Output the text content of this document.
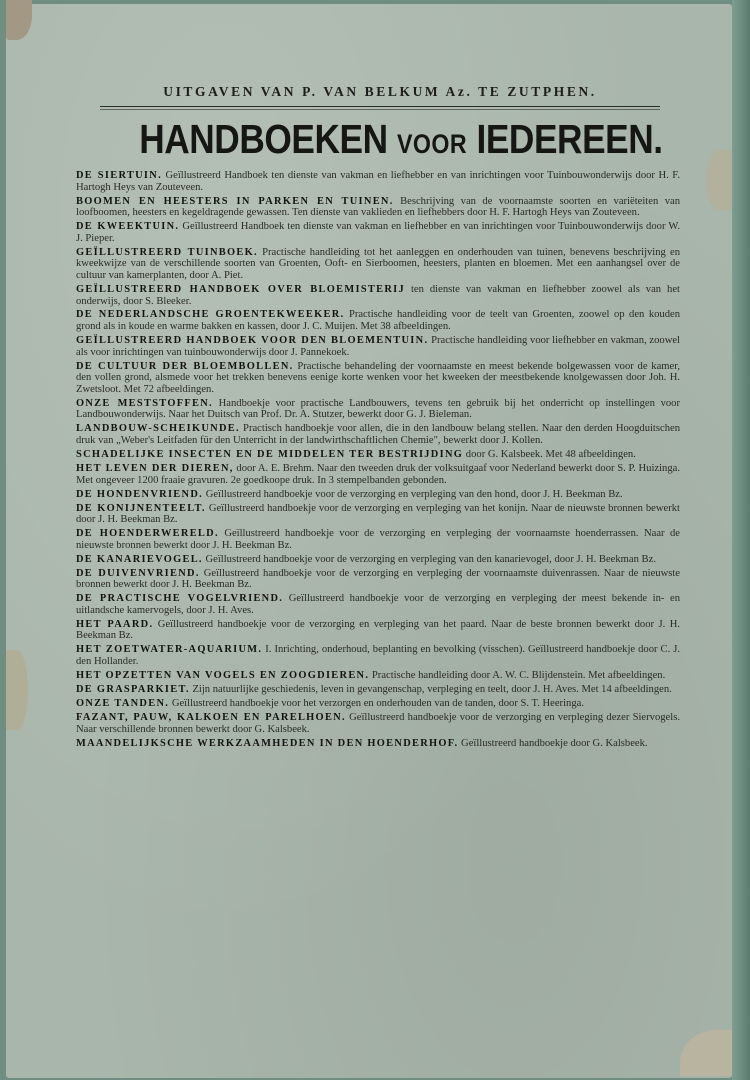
UITGAVEN VAN P. VAN BELKUM Az. TE ZUTPHEN.
HANDBOEKEN VOOR IEDEREEN.
DE SIERTUIN. Geïllustreerd Handboek ten dienste van vakman en liefhebber en van inrichtingen voor Tuinbouwonderwijs door H. F. Hartogh Heys van Zouteveen.
BOOMEN EN HEESTERS IN PARKEN EN TUINEN. Beschrijving van de voornaamste soorten en variëteiten van loofboomen, heesters en kegeldragende gewassen. Ten dienste van vaklieden en liefhebbers door H. F. Hartogh Heys van Zouteveen.
DE KWEEKTUIN. Geïllustreerd Handboek ten dienste van vakman en liefhebber en van inrichtingen voor Tuinbouwonderwijs door W. J. Pieper.
GEÏLLUSTREERD TUINBOEK. Practische handleiding tot het aanleggen en onderhouden van tuinen, benevens beschrijving en kweekwijze van de verschillende soorten van Groenten, Ooft- en Sierboomen, heesters, planten en bloemen. Met een aanhangsel over de cultuur van kamerplanten, door A. Piet.
GEÏLLUSTREERD HANDBOEK OVER BLOEMISTERIJ ten dienste van vakman en liefhebber zoowel als van het onderwijs, door S. Bleeker.
DE NEDERLANDSCHE GROENTEKWEEKER. Practische handleiding voor de teelt van Groenten, zoowel op den kouden grond als in koude en warme bakken en kassen, door J. C. Muijen. Met 38 afbeeldingen.
GEÏLLUSTREERD HANDBOEK VOOR DEN BLOEMENTUIN. Practische handleiding voor liefhebber en vakman, zoowel als voor inrichtingen van tuinbouwonderwijs door J. Pannekoek.
DE CULTUUR DER BLOEMBOLLEN. Practische behandeling der voornaamste en meest bekende bolgewassen voor de kamer, den vollen grond, alsmede voor het trekken benevens eenige korte wenken voor het kweeken der meestbekende knolgewassen door Joh. H. Zwetsloot. Met 72 afbeeldingen.
ONZE MESTSTOFFEN. Handboekje voor practische Landbouwers, tevens ten gebruik bij het onderricht op instellingen voor Landbouwonderwijs. Naar het Duitsch van Prof. Dr. A. Stutzer, bewerkt door G. J. Bieleman.
LANDBOUW-SCHEIKUNDE. Practisch handboekje voor allen, die in den landbouw belang stellen. Naar den derden Hoogduitschen druk van „Weber's Leitfaden für den Unterricht in der landwirthschaftlichen Chemie", bewerkt door J. Kollen.
SCHADELIJKE INSECTEN EN DE MIDDELEN TER BESTRIJDING door G. Kalsbeek. Met 48 afbeeldingen.
HET LEVEN DER DIEREN, door A. E. Brehm. Naar den tweeden druk der volksuitgaaf voor Nederland bewerkt door S. P. Huizinga. Met ongeveer 1200 fraaie gravuren. 2e goedkoope druk. In 3 stempelbanden gebonden.
DE HONDENVRIEND. Geïllustreerd handboekje voor de verzorging en verpleging van den hond, door J. H. Beekman Bz.
DE KONIJNENTEELT. Geïllustreerd handboekje voor de verzorging en verpleging van het konijn. Naar de nieuwste bronnen bewerkt door J. H. Beekman Bz.
DE HOENDERWERELD. Geïllustreerd handboekje voor de verzorging en verpleging der voornaamste hoenderrassen. Naar de nieuwste bronnen bewerkt door J. H. Beekman Bz.
DE KANARIEVOGEL. Geïllustreerd handboekje voor de verzorging en verpleging van den kanarievogel, door J. H. Beekman Bz.
DE DUIVENVRIEND. Geïllustreerd handboekje voor de verzorging en verpleging der voornaamste duivenrassen. Naar de nieuwste bronnen bewerkt door J. H. Beekman Bz.
DE PRACTISCHE VOGELVRIEND. Geïllustreerd handboekje voor de verzorging en verpleging der meest bekende in- en uitlandsche kamervogels, door J. H. Aves.
HET PAARD. Geïllustreerd handboekje voor de verzorging en verpleging van het paard. Naar de beste bronnen bewerkt door J. H. Beekman Bz.
HET ZOETWATER-AQUARIUM. I. Inrichting, onderhoud, beplanting en bevolking (visschen). Geïllustreerd handboekje door C. J. den Hollander.
HET OPZETTEN VAN VOGELS EN ZOOGDIEREN. Practische handleiding door A. W. C. Blijdenstein. Met afbeeldingen.
DE GRASPARKIET. Zijn natuurlijke geschiedenis, leven in gevangenschap, verpleging en teelt, door J. H. Aves. Met 14 afbeeldingen.
ONZE TANDEN. Geïllustreerd handboekje voor het verzorgen en onderhouden van de tanden, door S. T. Heeringa.
FAZANT, PAUW, KALKOEN EN PARELHOEN. Geïllustreerd handboekje voor de verzorging en verpleging dezer Siervogels. Naar verschillende bronnen bewerkt door G. Kalsbeek.
MAANDELIJKSCHE WERKZAAMHEDEN IN DEN HOENDERHOF. Geïllustreerd handboekje door G. Kalsbeek.
